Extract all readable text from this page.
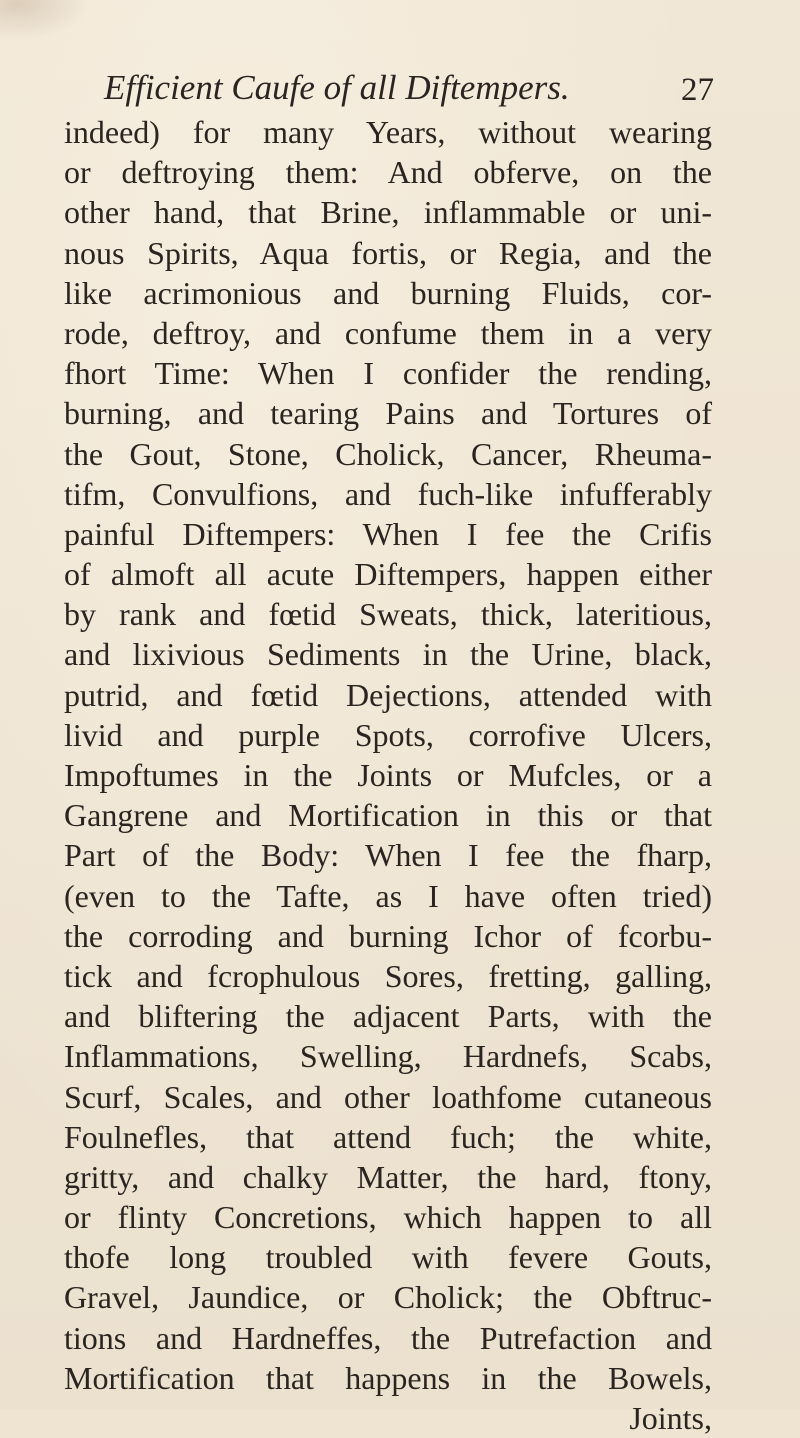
Efficient Caufe of all Diftempers.	27
indeed) for many Years, without wearing
or deftroying them: And obferve, on the
other hand, that Brine, inflammable or uni-
nous Spirits, Aqua fortis, or Regia, and the
like acrimonious and burning Fluids, cor-
rode, deftroy, and confume them in a very
fhort Time: When I confider the rending,
burning, and tearing Pains and Tortures of
the Gout, Stone, Cholick, Cancer, Rheuma-
tifm, Convulfions, and fuch-like infufferably
painful Diftempers: When I fee the Crifis
of almoft all acute Diftempers, happen either
by rank and fœtid Sweats, thick, lateritious,
and lixivious Sediments in the Urine, black,
putrid, and fœtid Dejections, attended with
livid and purple Spots, corrofive Ulcers,
Impoftumes in the Joints or Mufcles, or a
Gangrene and Mortification in this or that
Part of the Body: When I fee the fharp,
(even to the Tafte, as I have often tried)
the corroding and burning Ichor of fcorbu-
tick and fcrophulous Sores, fretting, galling,
and bliftering the adjacent Parts, with the
Inflammations, Swelling, Hardnefs, Scabs,
Scurf, Scales, and other loathfome cutaneous
Foulnefles, that attend fuch; the white,
gritty, and chalky Matter, the hard, ftony,
or flinty Concretions, which happen to all
thofe long troubled with fevere Gouts,
Gravel, Jaundice, or Cholick; the Obftruc-
tions and Hardneffes, the Putrefaction and
Mortification that happens in the Bowels,
Joints,
